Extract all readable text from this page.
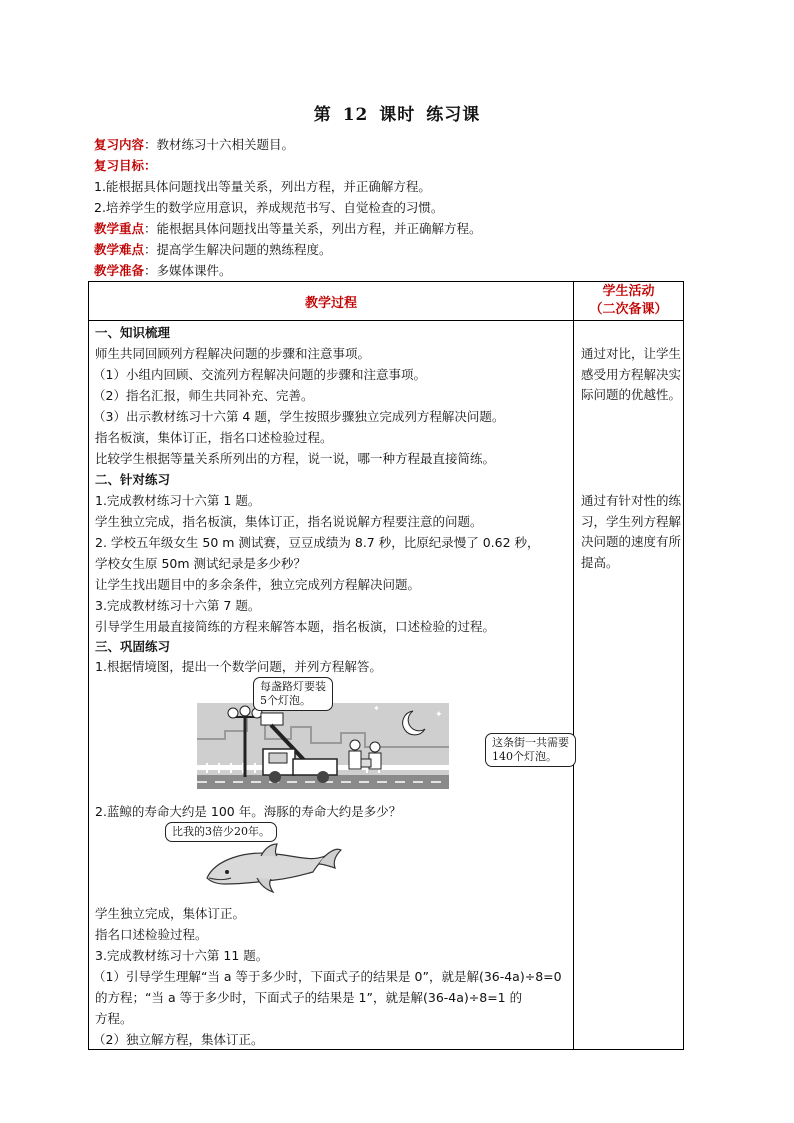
第 12 课时 练习课
复习内容：教材练习十六相关题目。
复习目标：
1.能根据具体问题找出等量关系，列出方程，并正确解方程。
2.培养学生的数学应用意识，养成规范书写、自觉检查的习惯。
教学重点：能根据具体问题找出等量关系，列出方程，并正确解方程。
教学难点：提高学生解决问题的熟练程度。
教学准备：多媒体课件。
教学过程
学生活动
（二次备课）
一、知识梳理
师生共同回顾列方程解决问题的步骤和注意事项。
（1）小组内回顾、交流列方程解决问题的步骤和注意事项。
（2）指名汇报，师生共同补充、完善。
（3）出示教材练习十六第 4 题，学生按照步骤独立完成列方程解决问题。
指名板演，集体订正，指名口述检验过程。
比较学生根据等量关系所列出的方程，说一说，哪一种方程最直接简练。
二、针对练习
1.完成教材练习十六第 1 题。
学生独立完成，指名板演，集体订正，指名说说解方程要注意的问题。
2. 学校五年级女生 50 m 测试赛，豆豆成绩为 8.7 秒，比原纪录慢了 0.62 秒，
学校女生原 50m 测试纪录是多少秒？
让学生找出题目中的多余条件，独立完成列方程解决问题。
3.完成教材练习十六第 7 题。
引导学生用最直接简练的方程来解答本题，指名板演，口述检验的过程。
三、巩固练习
1.根据情境图，提出一个数学问题，并列方程解答。
✦
✦
✦
每盏路灯要装
5个灯泡。
这条街一共需要
140个灯泡。
2.蓝鲸的寿命大约是 100 年。海豚的寿命大约是多少？
比我的3倍少20年。
学生独立完成，集体订正。
指名口述检验过程。
3.完成教材练习十六第 11 题。
（1）引导学生理解“当 a 等于多少时，下面式子的结果是 0”，就是解(36-4a)÷8=0
的方程；“当 a 等于多少时，下面式子的结果是 1”，就是解(36-4a)÷8=1 的
方程。
（2）独立解方程，集体订正。
通过对比，让学生感受用方程解决实际问题的优越性。
通过有针对性的练习，学生列方程解决问题的速度有所提高。
